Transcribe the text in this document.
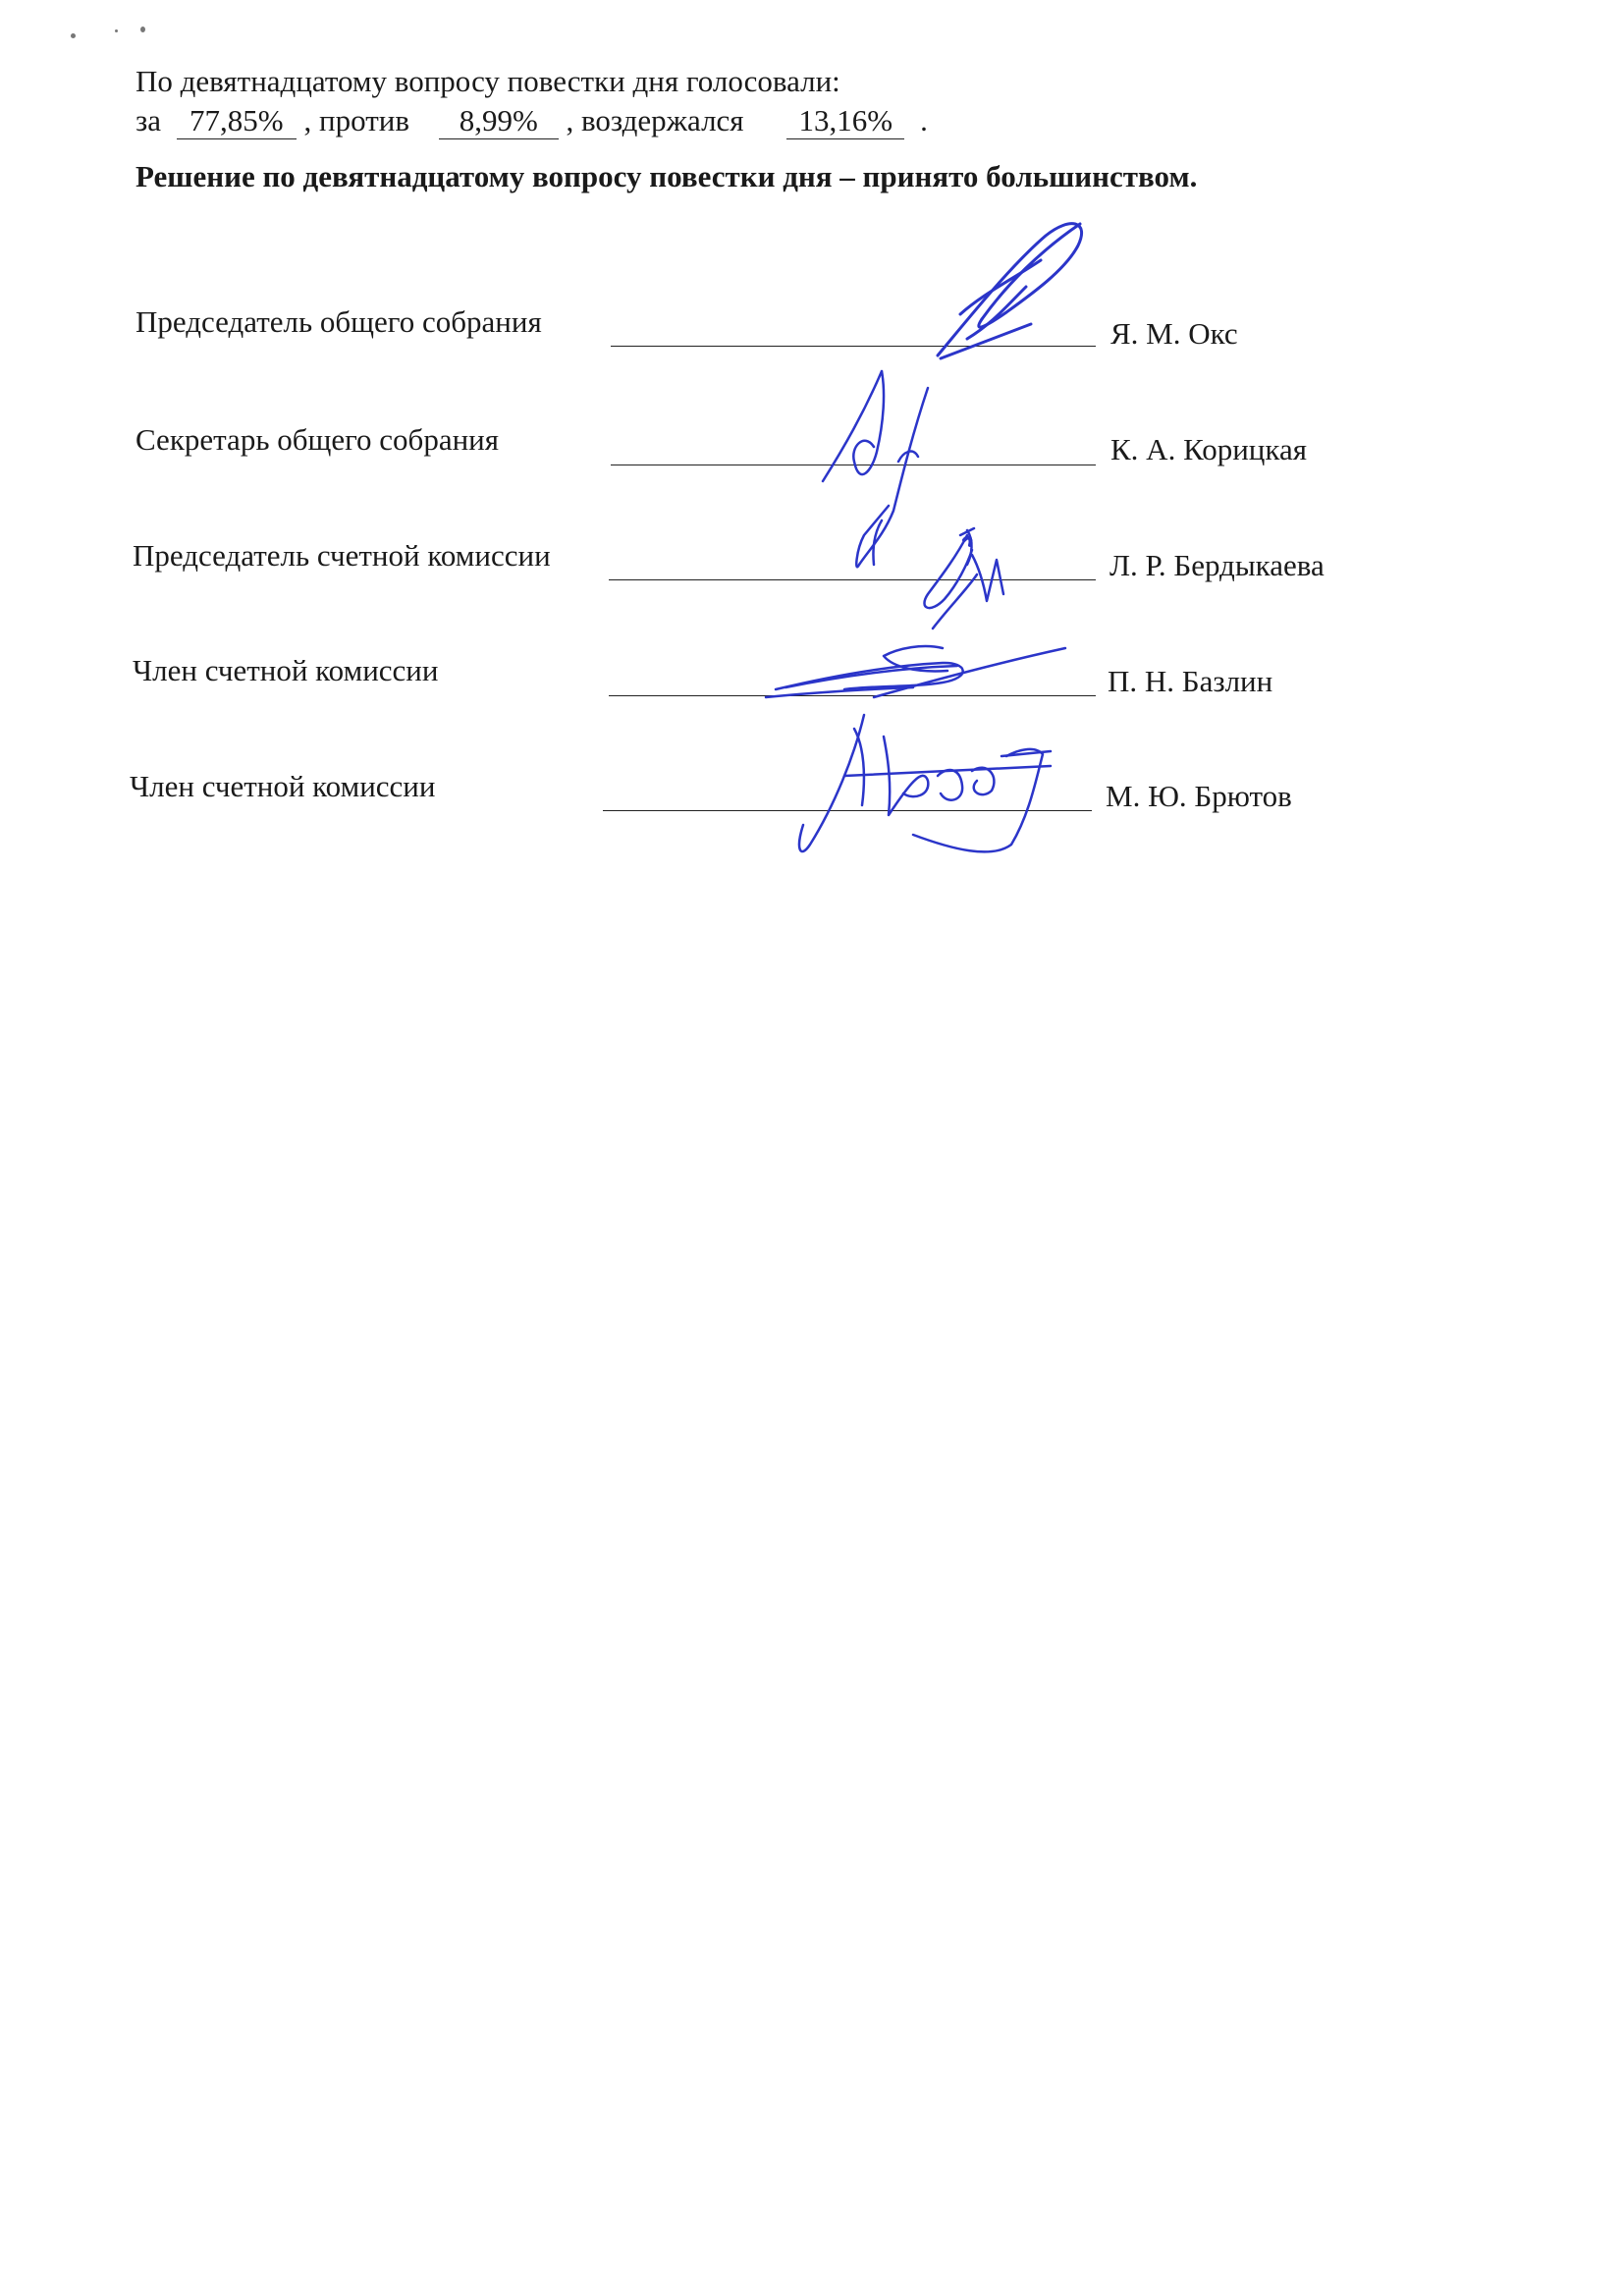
По девятнадцатому вопросу повестки дня голосовали:
за 77,85% , против 8,99% , воздержался 13,16% .
Решение по девятнадцатому вопросу повестки дня – принято большинством.
Председатель общего собрания	Я. М. Окс
Секретарь общего собрания	К. А. Корицкая
Председатель счетной комиссии	Л. Р. Бердыкаева
Член счетной комиссии	П. Н. Базлин
Член счетной комиссии	М. Ю. Брютов
